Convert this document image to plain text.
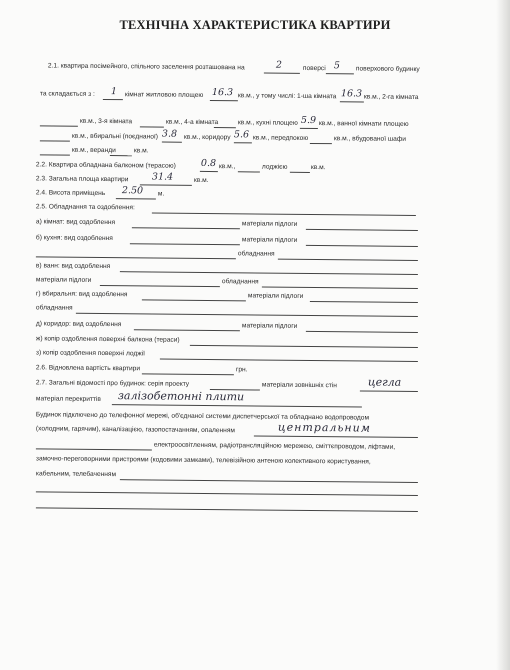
ТЕХНІЧНА ХАРАКТЕРИСТИКА КВАРТИРИ
2.1. квартира посімейного, спільного заселення розташована на	2	поверсі 5 поверхового будинку
та складається з : 1 кімнат житловою площею 16.3 кв.м., у тому числі: 1-ша кімната 16.3 кв.м., 2-га кімната
кв.м., 3-я кімната	кв.м., 4-а кімната	кв.м., кухні площею 5.9 кв.м., ванної кімнати площею
кв.м., вбиральні (поєднаної) 3.8 кв.м., коридору 5.6 кв.м., передпокою	кв.м., вбудованої шафи
кв.м., веранди	кв.м.
2.2. Квартира обладнана балконом (терасою)	0.8 кв.м.,	лоджією	кв.м.
2.3. Загальна площа квартири 31.4	кв.м.
2.4. Висота приміщень 2.50 м.
2.5. Обладнання та оздоблення:
а) кімнат: вид оздоблення	матеріали підлоги
б) кухня: вид оздоблення	матеріали підлоги
обладнання
в) ванн: вид оздоблення
матеріали підлоги	обладнання
г) вбиральня: вид оздоблення	матеріали підлоги
обладнання
д) коридор: вид оздоблення	матеріали підлоги
ж) копір оздоблення поверхні балкона (тераси)
з) копір оздоблення поверхні лоджії
2.6. Відновлена вартість квартири	грн.
2.7. Загальні відомості про будинок: серія проекту	матеріали зовнішніх стін	цегла
матеріал перекриттів залізобетонні плити
Будинок підключено до телефонної мережі, об'єднаної системи диспетчерської та обладнано водопроводом
(холодним, гарячим), каналізацією, газопостачанням, опаленням	центральним
електроосвітленням, радіотрансляційною мережею, сміттєпроводом, ліфтами,
замочно-переговорними пристроями (кодовими замками), телевізійною антеною колективного користування,
кабельним, телебаченням
